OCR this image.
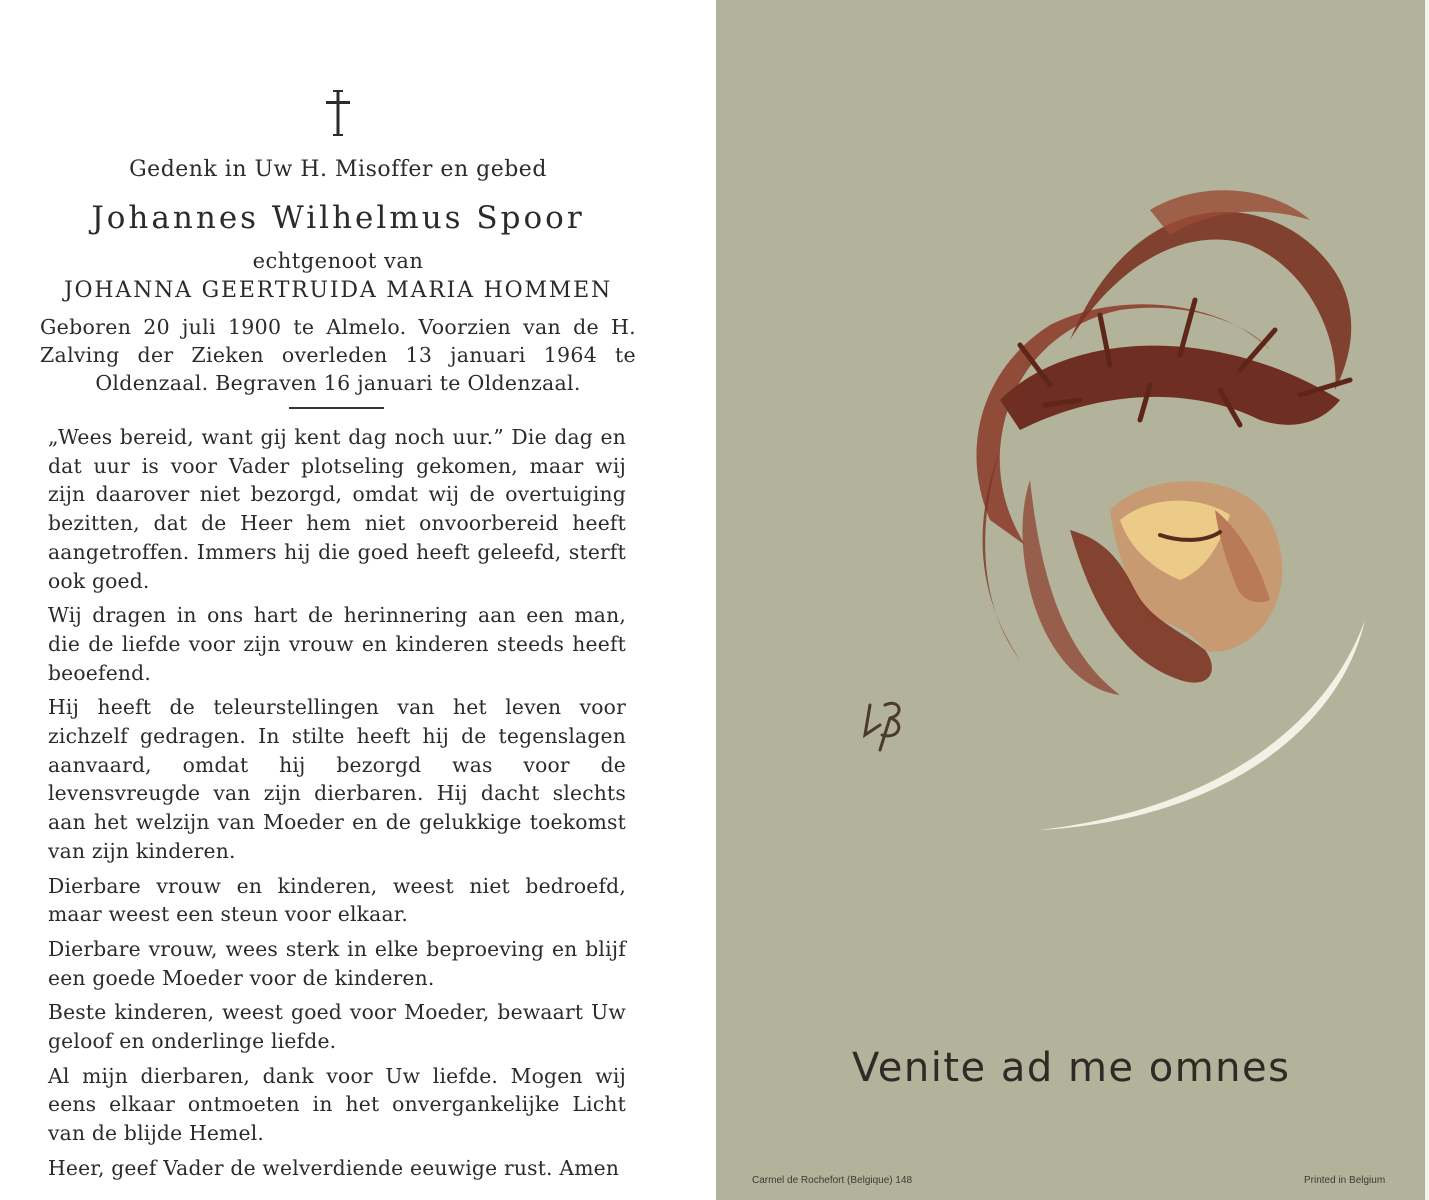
Gedenk in Uw H. Misoffer en gebed
Johannes Wilhelmus Spoor
echtgenoot van
JOHANNA GEERTRUIDA MARIA HOMMEN
Geboren 20 juli 1900 te Almelo. Voorzien van de H. Zalving der Zieken overleden 13 januari 1964 te Oldenzaal. Begraven 16 januari te Oldenzaal.

„Wees bereid, want gij kent dag noch uur.” Die dag en dat uur is voor Vader plotseling gekomen, maar wij zijn daarover niet bezorgd, omdat wij de overtuiging bezitten, dat de Heer hem niet onvoorbereid heeft aangetroffen. Immers hij die goed heeft geleefd, sterft ook goed.

Wij dragen in ons hart de herinnering aan een man, die de liefde voor zijn vrouw en kinderen steeds heeft beoefend.

Hij heeft de teleurstellingen van het leven voor zichzelf gedragen. In stilte heeft hij de tegenslagen aanvaard, omdat hij bezorgd was voor de levensvreugde van zijn dierbaren. Hij dacht slechts aan het welzijn van Moeder en de gelukkige toekomst van zijn kinderen.

Dierbare vrouw en kinderen, weest niet bedroefd, maar weest een steun voor elkaar.

Dierbare vrouw, wees sterk in elke beproeving en blijf een goede Moeder voor de kinderen.

Beste kinderen, weest goed voor Moeder, bewaart Uw geloof en onderlinge liefde.

Al mijn dierbaren, dank voor Uw liefde. Mogen wij eens elkaar ontmoeten in het onvergankelijke Licht van de blijde Hemel.

Heer, geef Vader de welverdiende eeuwige rust. Amen

Venite ad me omnes
Carmel de Rochefort (Belgique) 148	Printed in Belgium
